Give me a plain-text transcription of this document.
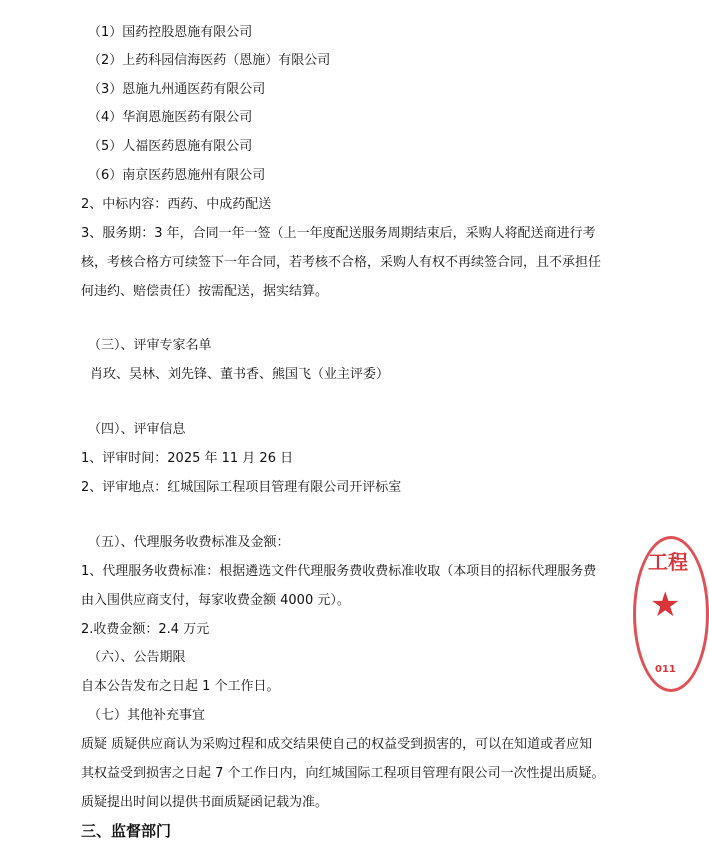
（1）国药控股恩施有限公司
（2）上药科园信海医药（恩施）有限公司
（3）恩施九州通医药有限公司
（4）华润恩施医药有限公司
（5）人福医药恩施有限公司
（6）南京医药恩施州有限公司
2、中标内容：西药、中成药配送
3、服务期：3 年，合同一年一签（上一年度配送服务周期结束后，采购人将配送商进行考
核，考核合格方可续签下一年合同，若考核不合格，采购人有权不再续签合同，且不承担任
何违约、赔偿责任）按需配送，据实结算。
（三）、评审专家名单
肖玫、吴林、刘先锋、董书香、熊国飞（业主评委）
（四）、评审信息
1、评审时间：2025 年 11 月 26 日
2、评审地点：红城国际工程项目管理有限公司开评标室
（五）、代理服务收费标准及金额：
1、代理服务收费标准：根据遴选文件代理服务费收费标准收取（本项目的招标代理服务费
由入围供应商支付，每家收费金额 4000 元）。
2.收费金额：2.4 万元
（六）、公告期限
自本公告发布之日起 1 个工作日。
（七）其他补充事宜
质疑 质疑供应商认为采购过程和成交结果使自己的权益受到损害的，可以在知道或者应知
其权益受到损害之日起 7 个工作日内，向红城国际工程项目管理有限公司一次性提出质疑。
质疑提出时间以提供书面质疑函记载为准。
三、监督部门
工程
★
011
